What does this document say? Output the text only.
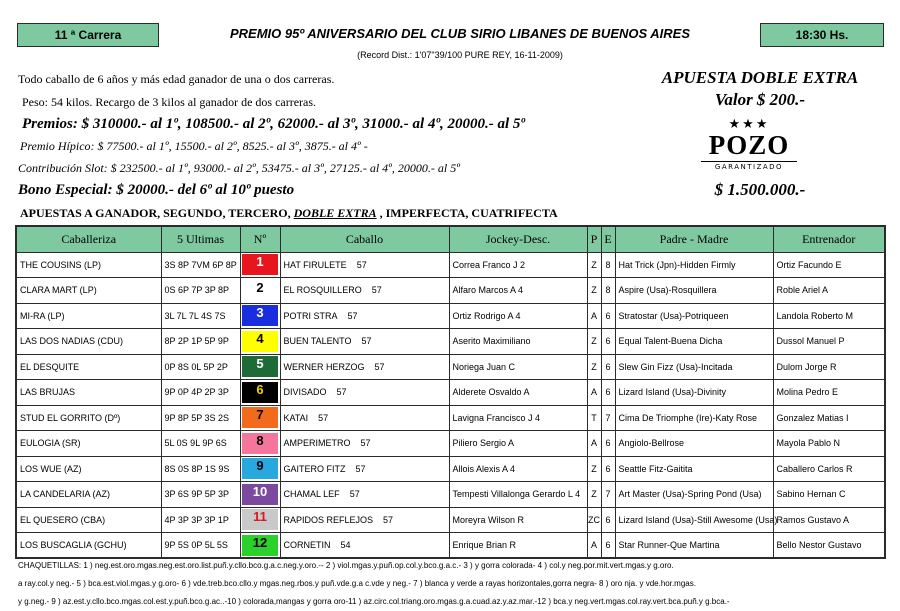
11 ª Carrera	PREMIO 95º ANIVERSARIO DEL CLUB SIRIO LIBANES DE BUENOS AIRES	18:30 Hs.
(Record Dist.: 1'07"39/100 PURE REY, 16-11-2009)
Todo caballo de 6 años y más edad ganador de una o dos carreras.
Peso: 54 kilos. Recargo de 3 kilos al ganador de dos carreras.
Premios: $ 310000.- al 1º, 108500.- al 2º, 62000.- al 3º, 31000.- al 4º, 20000.- al 5º
Premio Hípico: $ 77500.- al 1º, 15500.- al 2º, 8525.- al 3º, 3875.- al 4º -
Contribución Slot: $ 232500.- al 1º, 93000.- al 2º, 53475.- al 3º, 27125.- al 4º, 20000.- al 5º
Bono Especial: $ 20000.- del 6º al 10º puesto
APUESTAS A GANADOR, SEGUNDO, TERCERO, DOBLE EXTRA , IMPERFECTA, CUATRIFECTA
APUESTA DOBLE EXTRA
Valor $ 200.-
★★★
POZO
GARANTIZADO
$ 1.500.000.-
Caballeriza	5 Ultimas	Nº	Caballo	Jockey-Desc.	P	E	Padre - Madre	Entrenador
THE COUSINS (LP)	3S 8P 7VM 6P 8P	1	HAT FIRULETE 57	Correa Franco J 2	Z	8	Hat Trick (Jpn)-Hidden Firmly	Ortiz Facundo E
CLARA MART (LP)	0S 6P 7P 3P 8P	2	EL ROSQUILLERO 57	Alfaro Marcos A 4	Z	8	Aspire (Usa)-Rosquillera	Roble Ariel A
MI-RA (LP)	3L 7L 7L 4S 7S	3	POTRI STRA 57	Ortiz Rodrigo A 4	A	6	Stratostar (Usa)-Potriqueen	Landola Roberto M
LAS DOS NADIAS (CDU)	8P 2P 1P 5P 9P	4	BUEN TALENTO 57	Aserito Maximiliano	Z	6	Equal Talent-Buena Dicha	Dussol Manuel P
EL DESQUITE	0P 8S 0L 5P 2P	5	WERNER HERZOG 57	Noriega Juan C	Z	6	Slew Gin Fizz (Usa)-Incitada	Dulom Jorge R
LAS BRUJAS	9P 0P 4P 2P 3P	6	DIVISADO 57	Alderete Osvaldo A	A	6	Lizard Island (Usa)-Divinity	Molina Pedro E
STUD EL GORRITO (Dº)	9P 8P 5P 3S 2S	7	KATAI 57	Lavigna Francisco J 4	T	7	Cima De Triomphe (Ire)-Katy Rose	Gonzalez Matias I
EULOGIA (SR)	5L 0S 9L 9P 6S	8	AMPERIMETRO 57	Piliero Sergio A	A	6	Angiolo-Bellrose	Mayola Pablo N
LOS WUE (AZ)	8S 0S 8P 1S 9S	9	GAITERO FITZ 57	Allois Alexis A 4	Z	6	Seattle Fitz-Gaitita	Caballero Carlos R
LA CANDELARIA (AZ)	3P 6S 9P 5P 3P	10	CHAMAL LEF 57	Tempesti Villalonga Gerardo L 4	Z	7	Art Master (Usa)-Spring Pond (Usa)	Sabino Hernan C
EL QUESERO (CBA)	4P 3P 3P 3P 1P	11	RAPIDOS REFLEJOS 57	Moreyra Wilson R	ZC	6	Lizard Island (Usa)-Still Awesome (Usa)	Ramos Gustavo A
LOS BUSCAGLIA (GCHU)	9P 5S 0P 5L 5S	12	CORNETIN 54	Enrique Brian R	A	6	Star Runner-Que Martina	Bello Nestor Gustavo
CHAQUETILLAS: 1 ) neg.est.oro.mgas.neg.est.oro.list.puñ.y.cllo.bco.g.a.c.neg.y.oro.-- 2 ) viol.mgas.y.puñ.op.col.y.bco.g.a.c.- 3 ) y gorra colorada- 4 ) col.y neg.por.mit.vert.mgas.y g.oro.
a ray.col.y neg.- 5 ) bca.est.viol.mgas.y g.oro- 6 ) vde.treb.bco.cllo.y mgas.neg.rbos.y puñ.vde.g.a c.vde y neg.- 7 ) blanca y verde a rayas horizontales,gorra negra- 8 ) oro nja. y vde.hor.mgas.
y g.neg.- 9 ) az.est.y.cllo.bco.mgas.col.est.y.puñ.bco.g.ac..-10 ) colorada,mangas y gorra oro-11 ) az.circ.col.triang.oro.mgas.g.a.cuad.az.y.az.mar.-12 ) bca.y neg.vert.mgas.col.ray.vert.bca.puñ.y g.bca.-
